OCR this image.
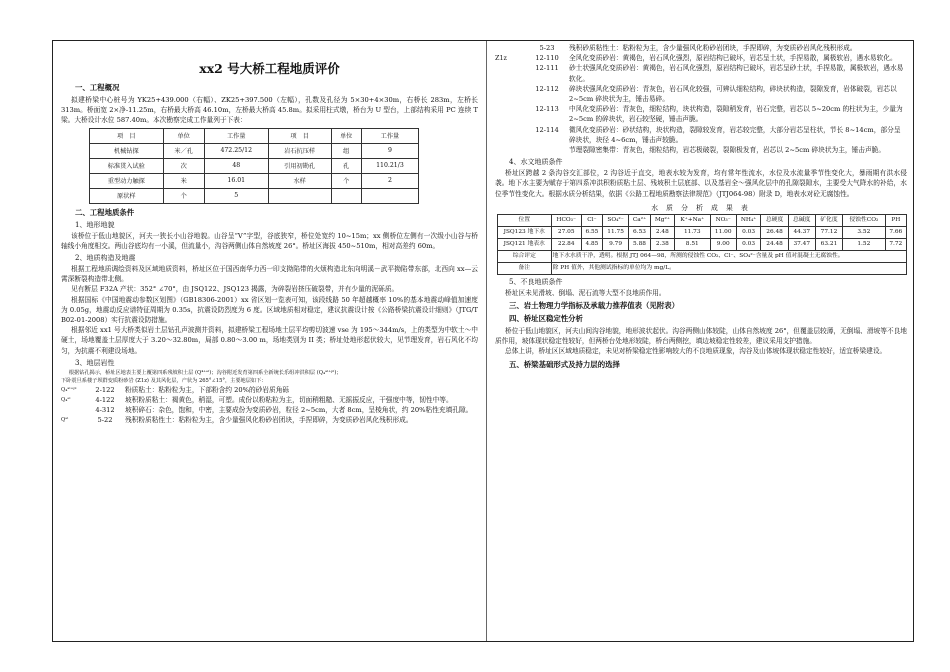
xx2 号大桥工程地质评价
一、工程概况

拟建桥梁中心桩号为 YK25+439.000（右幅）、ZK25+397.500（左幅），孔数及孔径为 5×30+4×30m，右桥长 283m，左桥长 313m。桥面宽 2×净-11.25m，右桥最大桥高 46.10m，左桥最大桥高 45.8m。拟采用柱式墩，桥台为 U 型台，上部结构采用 PC 连续 T 梁。大桥设计水位 587.40m。本次勘察完成工作量列于下表：

项　目	单位	工作量	项　目	单位	工作量
机械钻探	米／孔	472.25/12	岩石抗压样	组	9
标准贯入试验	次	48	引用初勘孔	孔	110.21/3
重型动力触探	米	16.01	水样	个	2
原状样	个	5			
二、工程地质条件
1、地形地貌

该桥位于低山地貌区，河夫一狭长小山谷地貌。山谷呈“V”字型，谷底狭窄，桥位处宽约 10~15m；xx 侧桥位左侧有一次级小山谷与桥轴线小角度相交。两山谷底均有一小溪，但流量小，沟谷两侧山体自然坡度 26°。桥址区海拔 450~510m，相对高差约 60m。

2、地质构造及地震

根据工程地质调绘资料及区域地质资料，桥址区位于国西南华力西一印支拗陷带的火烦构造北东向明溪－武平拗陷带东部，北西向 xx—云霄深断裂构造带北侧。

见有断层 F32A 产状：352° ∠70°，由 JSQ122、JSQ123 揭露，为碎裂岩挤压破裂带，并有少量的泥砾质。

根据国标《中国地震动参数区划图》（GB18306-2001）xx 省区划一览表可知，该段线路 50 年超越概率 10%的基本地震动峰值加速度为 0.05g，地震动反应谱特征周期为 0.35s，抗震设防烈度为 6 度。区域地质相对稳定，建议抗震设计按《公路桥梁抗震设计细则》（JTG/T B02-01-2008）实行抗震设防措施。

根据邻近 xx1 号大桥类似岩土层钻孔声波测井资料，拟建桥梁工程场地土层平均剪切波速 vse 为 195～344m/s，上的类型为中软土～中硬土，场地覆盖土层厚度大于 3.20～32.80m，局部 0.80～3.00 m，场地类别为 II 类；桥址处地形起伏较大，见节理发育，岩石风化不均匀，为抗震不利建设场地。

3、地层岩性

根据钻孔揭示，桥址区地表主要上覆第四系残坡积土层 (Q⁴⁺ᵉˡ)；沟谷附近发育第四系全新统长乐组冲洪积层 (Q₄ᵃˡ⁺ᵖˡ)；

下卧震旦系楼子坝群变质粉砂岩 (Z1z) 及其风化层，产状为 265°∠15°，主要地层如下：

Q₄ᵃˡ⁺ᵖˡ	2-122	粉质粘土：粘粉粒为主，下部粉含约 20%的砂岩质角砾
Q₄ᵉˡ	4-122	坡积粉质粘土：褐黄色，稍湿，可塑。成份以粉粘粒为主，切面稍粗糙、无摇振反应，干强度中等，韧性中等。
4-312	坡积碎石：杂色，饱和，中密，主要成份为变质砂岩，粒径 2~5cm，大者 8cm，呈棱角状，约 20%粘性充填孔隙。
Qᵉˡ	5-22	残积粉质粘性土：粘粉粒为主，含少量强风化粉砂岩团块，手捏即碎，为变质砂岩风化残积形成。
5-23	残积砂质粘性土：粘粉粒为主，含少量强风化粉砂岩团块，手捏即碎，为变质砂岩风化残积形成。
Z1z	12-110	全风化变质砂岩：黄褐色，岩石风化强烈，原岩结构已破坏，岩芯呈土状，手捏易散，属极软岩，遇水易软化。
12-111	砂土状强风化变质砂岩：黄褐色，岩石风化强烈，原岩结构已破坏，岩芯呈砂土状，手捏易散，属极软岩，遇水易软化。
12-112	碎块状强风化变质砂岩：青灰色，岩石风化较强，可辨认细粒结构，碎块状构造，裂隙发育，岩体破裂，岩芯以 2~5cm 碎块状为主，锤击易碎。
12-113	中风化变质砂岩：青灰色，细粒结构，块状构造，裂隙稍发育，岩石完整，岩芯以 5~20cm 的柱状为主，少量为 2~5cm 的碎块状，岩石较坚硬，锤击声脆。
12-114	微风化变质砂岩：砂状结构，块状构造，裂隙较发育，岩芯较完整，大部分岩芯呈柱状，节长 8~14cm，部分呈碎块状，块径 4~6cm，锤击声较脆。
节理裂隙密集带：青灰色，细粒结构，岩芯极破裂，裂隙极发育，岩芯以 2~5cm 碎块状为主，锤击声脆。
4、水文地质条件

桥址区跨越 2 条沟谷交汇部位，2 沟谷近于直交，地表水较为发育，均有常年性流水，水位及水流量季节性变化大，暴雨期有洪水侵袭。地下水主要为赋存于第四系冲洪积粉质粘土层、残坡积土层底部、以及基岩全～强风化层中的孔隙裂隙水，主要受大气降水的补给，水位季节性变化大。根据水质分析结果，依据《公路工程地质勘察法律规范》（JTJ064-98）附录 D，地表水对砼无腐蚀性。

水 质 分 析 成 果 表
位置	HCO₃⁻	Cl⁻	SO₄²⁻	Ca²⁺	Mg²⁺	K⁺+Na⁺	NO₃⁻	NH₄⁺	总硬度	总碱度	矿化度	侵蚀性CO₂	PH
JSQ123 地下水	27.05	6.55	11.75	6.53	2.48	11.73	11.00	0.03	26.48	44.37	77.12	3.52	7.66
JSQ121 地表水	22.84	4.85	9.79	5.88	2.38	8.51	9.00	0.03	24.48	37.47	63.21	1.52	7.72
综合评定	地下水水质干净，透明。根据 JTJ 064—98，所测的侵蚀性 CO₂、Cl⁻、SO₄²⁻含量及 pH 值对混凝土无腐蚀性。												
备注	除 PH 值外，其他测试指标的单位均为 mg/L。												
5、不良地质条件

桥址区未见滑坡、倒塌、泥石流等大型不良地质作用。

三、岩土物理力学指标及承载力推荐值表（见附表）
四、桥址区稳定性分析

桥位于低山地貌区，河夫山间沟谷地貌，地形波状起伏。沟谷两侧山体较陡，山体自然坡度 26°，但覆盖层较薄，无倒塌、滑坡等不良地质作用，坡体现状稳定性较好，但两桥台处地形较陡，桥台两侧挖，填边坡稳定性较差，建议采用支护措施。

总体上讲，桥址区区域地质稳定，未见对桥梁稳定性影响较大的不良地质现象，沟谷及山体坡体现状稳定性较好，适宜桥梁建设。

五、桥梁基础形式及持力层的选择
